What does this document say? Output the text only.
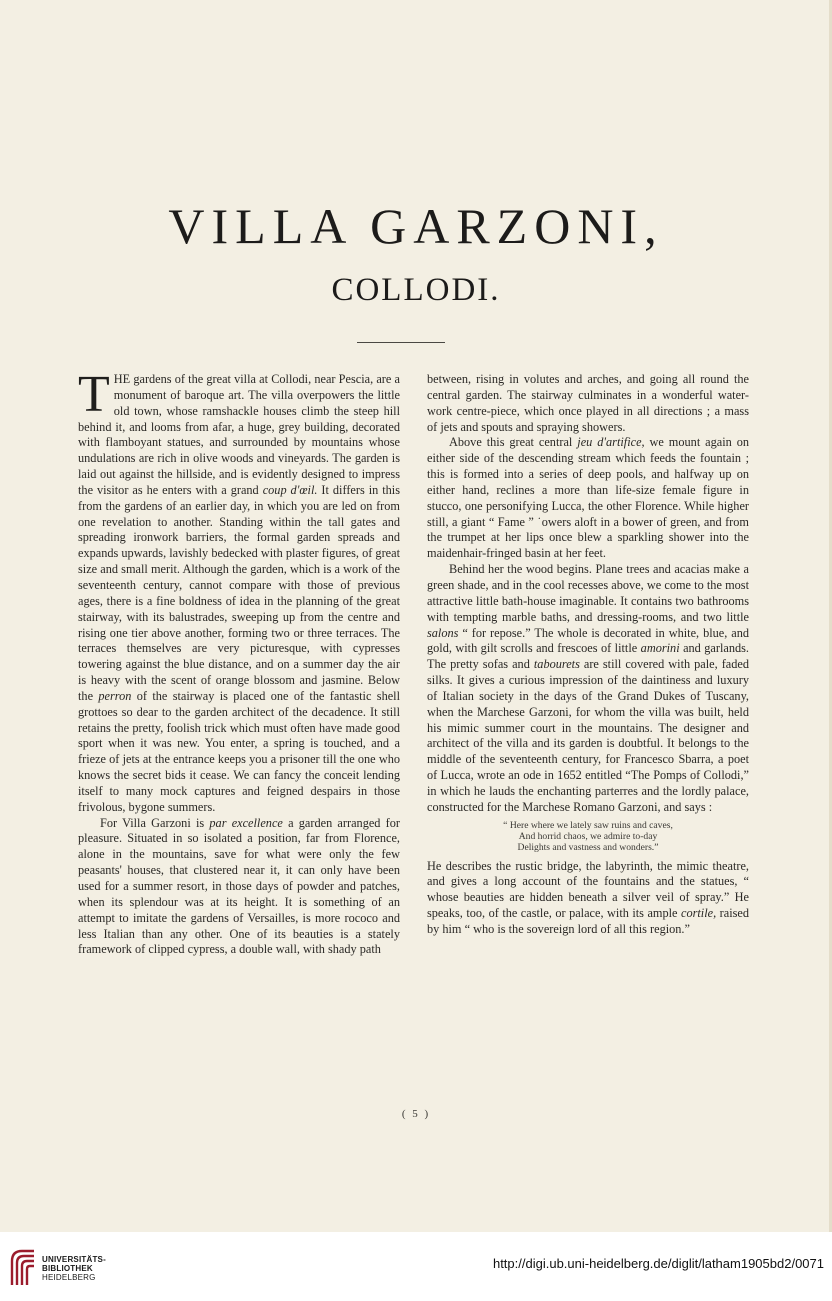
VILLA GARZONI,
COLLODI.

THE gardens of the great villa at Collodi, near Pescia, are a monument of baroque art. The villa overpowers the little old town, whose ramshackle houses climb the steep hill behind it, and looms from afar, a huge, grey building, decorated with flamboyant statues, and surrounded by mountains whose undulations are rich in olive woods and vineyards. The garden is laid out against the hillside, and is evidently designed to impress the visitor as he enters with a grand coup d'œil. It differs in this from the gardens of an earlier day, in which you are led on from one revelation to another. Standing within the tall gates and spreading ironwork barriers, the formal garden spreads and expands upwards, lavishly bedecked with plaster figures, of great size and small merit. Although the garden, which is a work of the seventeenth century, cannot compare with those of previous ages, there is a fine boldness of idea in the planning of the great stairway, with its balustrades, sweeping up from the centre and rising one tier above another, forming two or three terraces. The terraces themselves are very picturesque, with cypresses towering against the blue distance, and on a summer day the air is heavy with the scent of orange blossom and jasmine. Below the perron of the stairway is placed one of the fantastic shell grottoes so dear to the garden architect of the decadence. It still retains the pretty, foolish trick which must often have made good sport when it was new. You enter, a spring is touched, and a frieze of jets at the entrance keeps you a prisoner till the one who knows the secret bids it cease. We can fancy the conceit lending itself to many mock captures and feigned despairs in those frivolous, bygone summers.

For Villa Garzoni is par excellence a garden arranged for pleasure. Situated in so isolated a position, far from Florence, alone in the mountains, save for what were only the few peasants' houses, that clustered near it, it can only have been used for a summer resort, in those days of powder and patches, when its splendour was at its height. It is something of an attempt to imitate the gardens of Versailles, is more rococo and less Italian than any other. One of its beauties is a stately framework of clipped cypress, a double wall, with shady path

between, rising in volutes and arches, and going all round the central garden. The stairway culminates in a wonderful water-work centre-piece, which once played in all directions ; a mass of jets and spouts and spraying showers.

Above this great central jeu d'artifice, we mount again on either side of the descending stream which feeds the fountain ; this is formed into a series of deep pools, and halfway up on either hand, reclines a more than life-size female figure in stucco, one personifying Lucca, the other Florence. While higher still, a giant “ Fame ” ˙owers aloft in a bower of green, and from the trumpet at her lips once blew a sparkling shower into the maidenhair-fringed basin at her feet.

Behind her the wood begins. Plane trees and acacias make a green shade, and in the cool recesses above, we come to the most attractive little bath-house imaginable. It contains two bathrooms with tempting marble baths, and dressing-rooms, and two little salons “ for repose.” The whole is decorated in white, blue, and gold, with gilt scrolls and frescoes of little amorini and garlands. The pretty sofas and tabourets are still covered with pale, faded silks. It gives a curious impression of the daintiness and luxury of Italian society in the days of the Grand Dukes of Tuscany, when the Marchese Garzoni, for whom the villa was built, held his mimic summer court in the mountains. The designer and architect of the villa and its garden is doubtful. It belongs to the middle of the seventeenth century, for Francesco Sbarra, a poet of Lucca, wrote an ode in 1652 entitled “The Pomps of Collodi,” in which he lauds the enchanting parterres and the lordly palace, constructed for the Marchese Romano Garzoni, and says :

“ Here where we lately saw ruins and caves,
And horrid chaos, we admire to-day
Delights and vastness and wonders.”

He describes the rustic bridge, the labyrinth, the mimic theatre, and gives a long account of the fountains and the statues, “ whose beauties are hidden beneath a silver veil of spray.” He speaks, too, of the castle, or palace, with its ample cortile, raised by him “ who is the sovereign lord of all this region.”

( 5 )
UNIVERSITÄTS-
BIBLIOTHEK
HEIDELBERG
http://digi.ub.uni-heidelberg.de/diglit/latham1905bd2/0071
